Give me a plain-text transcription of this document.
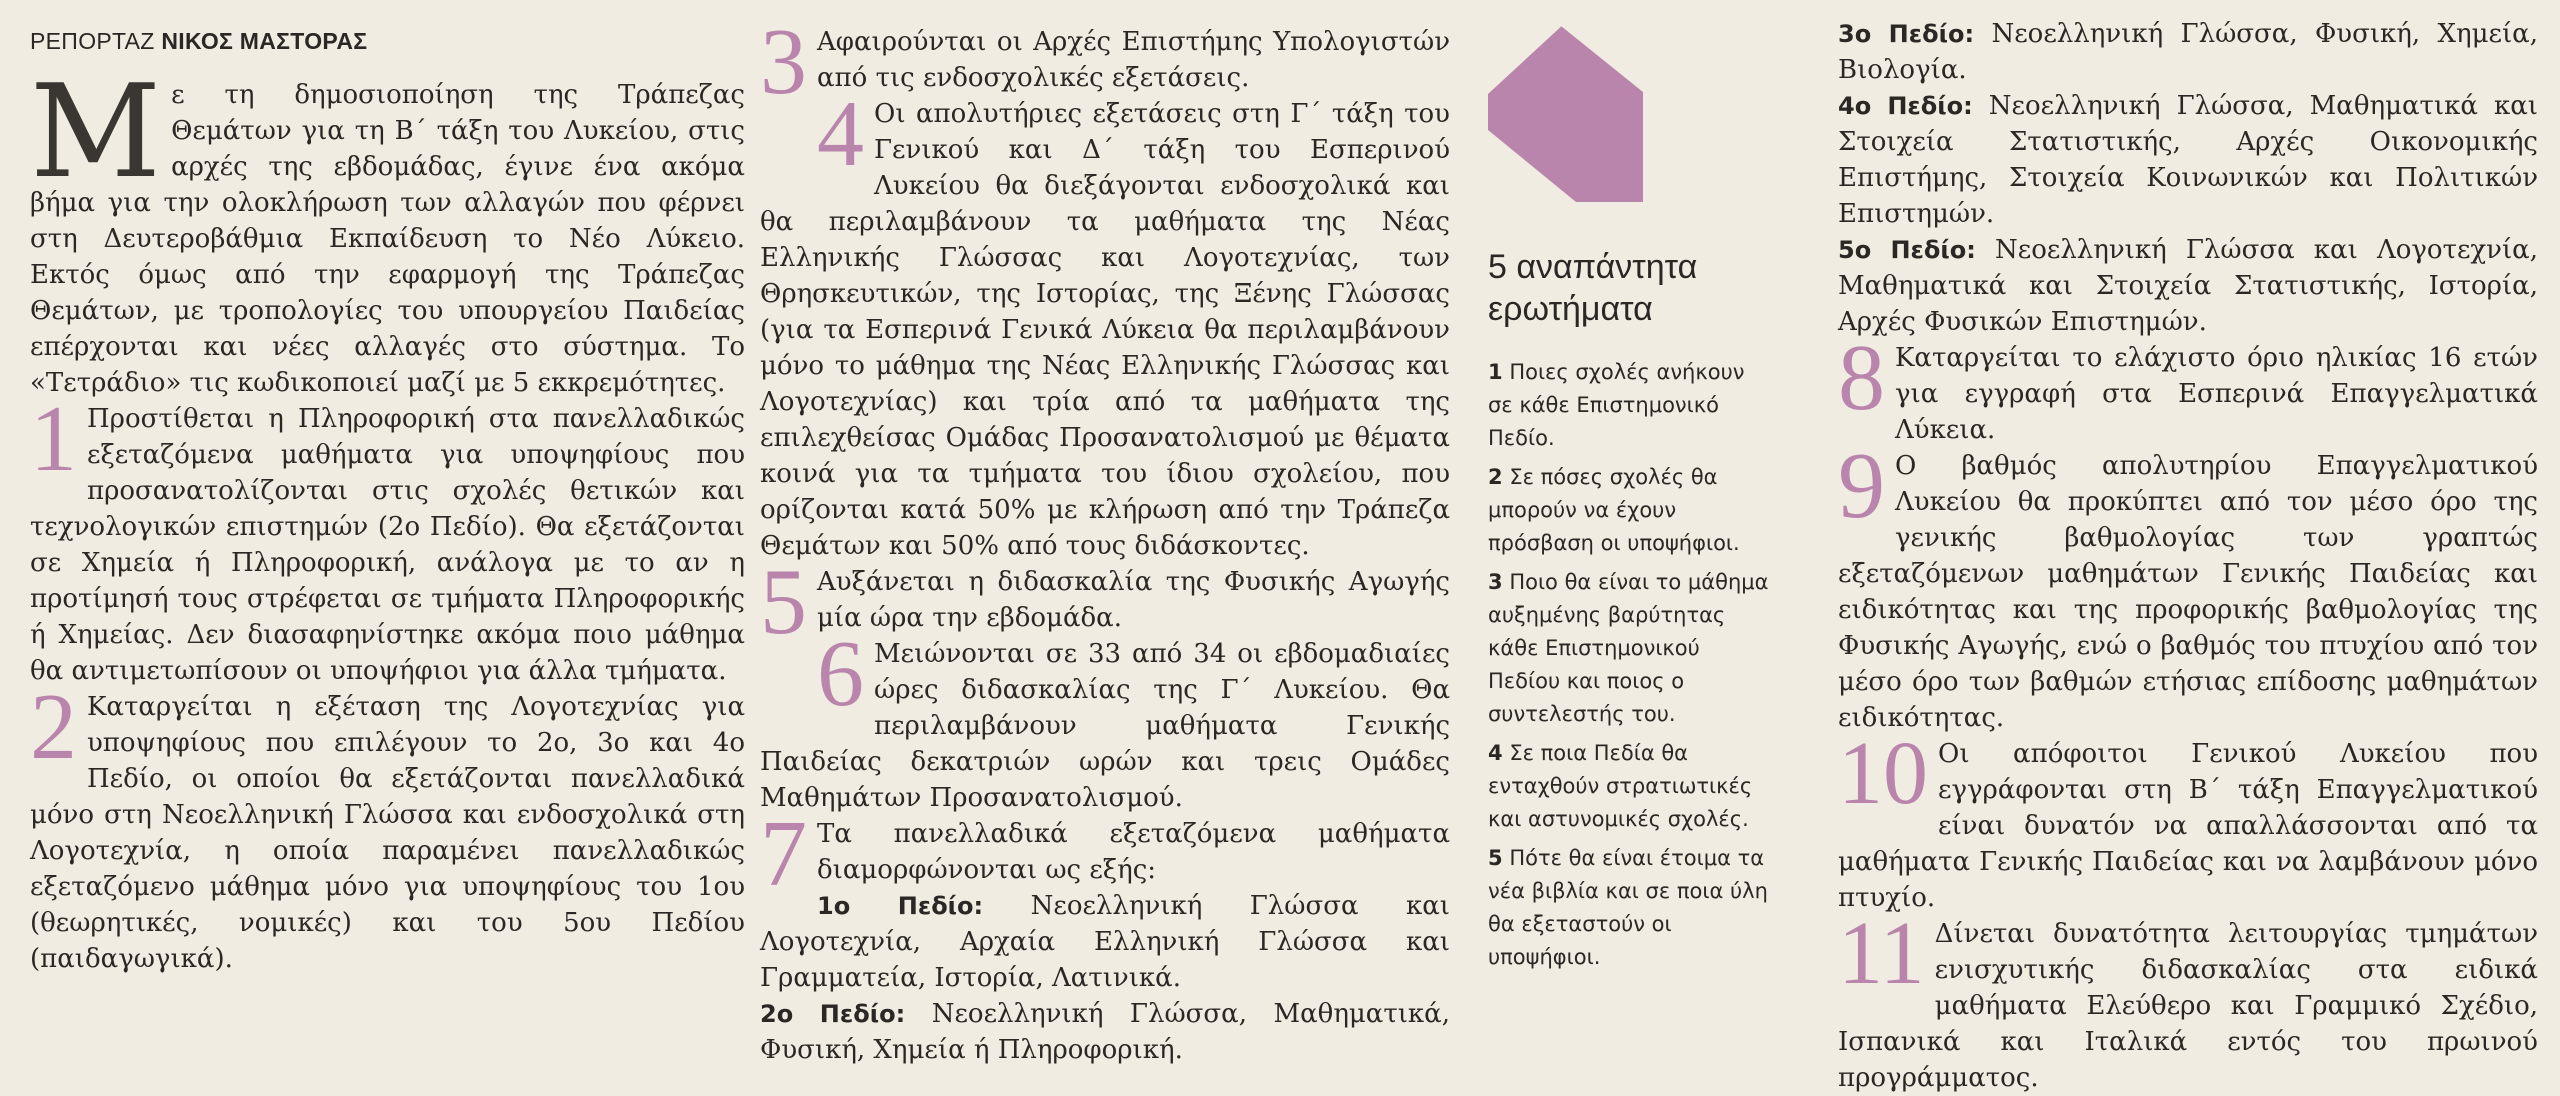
ΡΕΠΟΡΤΑΖ ΝΙΚΟΣ ΜΑΣΤΟΡΑΣ

Mε τη δημοσιοποίηση της Τράπεζας Θεμάτων για τη Β΄ τάξη του Λυκείου, στις αρχές της εβδομάδας, έγινε ένα ακόμα βήμα για την ολοκλήρωση των αλλαγών που φέρνει στη Δευτεροβάθμια Εκπαίδευση το Νέο Λύκειο. Εκτός όμως από την εφαρμογή της Τράπεζας Θεμάτων, με τροπολογίες του υπουργείου Παιδείας επέρχονται και νέες αλλαγές στο σύστημα. Το «Τετράδιο» τις κωδικοποιεί μαζί με 5 εκκρεμότητες.

1 Προστίθεται η Πληροφορική στα πανελλαδικώς εξεταζόμενα μαθήματα για υποψηφίους που προσανατολίζονται στις σχολές θετικών και τεχνολογικών επιστημών (2ο Πεδίο). Θα εξετάζονται σε Χημεία ή Πληροφορική, ανάλογα με το αν η προτίμησή τους στρέφεται σε τμήματα Πληροφορικής ή Χημείας. Δεν διασαφηνίστηκε ακόμα ποιο μάθημα θα αντιμετωπίσουν οι υποψήφιοι για άλλα τμήματα.
2 Καταργείται η εξέταση της Λογοτεχνίας για υποψηφίους που επιλέγουν το 2ο, 3ο και 4ο Πεδίο, οι οποίοι θα εξετάζονται πανελλαδικά μόνο στη Νεοελληνική Γλώσσα και ενδοσχολικά στη Λογοτεχνία, η οποία παραμένει πανελλαδικώς εξεταζόμενο μάθημα μόνο για υποψηφίους του 1ου (θεωρητικές, νομικές) και του 5ου Πεδίου (παιδαγωγικά).
3 Αφαιρούνται οι Αρχές Επιστήμης Υπολογιστών από τις ενδοσχολικές εξετάσεις.
4 Οι απολυτήριες εξετάσεις στη Γ΄ τάξη του Γενικού και Δ΄ τάξη του Εσπερινού Λυκείου θα διεξάγονται ενδοσχολικά και θα περιλαμβάνουν τα μαθήματα της Νέας Ελληνικής Γλώσσας και Λογοτεχνίας, των Θρησκευτικών, της Ιστορίας, της Ξένης Γλώσσας (για τα Εσπερινά Γενικά Λύκεια θα περιλαμβάνουν μόνο το μάθημα της Νέας Ελληνικής Γλώσσας και Λογοτεχνίας) και τρία από τα μαθήματα της επιλεχθείσας Ομάδας Προσανατολισμού με θέματα κοινά για τα τμήματα του ίδιου σχολείου, που ορίζονται κατά 50% με κλήρωση από την Τράπεζα Θεμάτων και 50% από τους διδάσκοντες.
5 Αυξάνεται η διδασκαλία της Φυσικής Αγωγής μία ώρα την εβδομάδα.
6 Μειώνονται σε 33 από 34 οι εβδομαδιαίες ώρες διδασκαλίας της Γ΄ Λυκείου. Θα περιλαμβάνουν μαθήματα Γενικής Παιδείας δεκατριών ωρών και τρεις Ομάδες Μαθημάτων Προσανατολισμού.
7 Τα πανελλαδικά εξεταζόμενα μαθήματα διαμορφώνονται ως εξής:

1ο Πεδίο: Νεοελληνική Γλώσσα και Λογοτεχνία, Αρχαία Ελληνική Γλώσσα και Γραμματεία, Ιστορία, Λατινικά.

2ο Πεδίο: Νεοελληνική Γλώσσα, Μαθηματικά, Φυσική, Χημεία ή Πληροφορική.

5 αναπάντητα
ερωτήματα

1 Ποιες σχολές ανήκουν σε κάθε Επιστημονικό Πεδίο.

2 Σε πόσες σχολές θα μπορούν να έχουν πρόσβαση οι υποψήφιοι.

3 Ποιο θα είναι το μάθημα αυξημένης βαρύτητας κάθε Επιστημονικού Πεδίου και ποιος ο συντελεστής του.

4 Σε ποια Πεδία θα ενταχθούν στρατιωτικές και αστυνομικές σχολές.

5 Πότε θα είναι έτοιμα τα νέα βιβλία και σε ποια ύλη θα εξεταστούν οι υποψήφιοι.

3ο Πεδίο: Νεοελληνική Γλώσσα, Φυσική, Χημεία, Βιολογία.

4ο Πεδίο: Νεοελληνική Γλώσσα, Μαθηματικά και Στοιχεία Στατιστικής, Αρχές Οικονομικής Επιστήμης, Στοιχεία Κοινωνικών και Πολιτικών Επιστημών.

5ο Πεδίο: Νεοελληνική Γλώσσα και Λογοτεχνία, Μαθηματικά και Στοιχεία Στατιστικής, Ιστορία, Αρχές Φυσικών Επιστημών.

8 Καταργείται το ελάχιστο όριο ηλικίας 16 ετών για εγγραφή στα Εσπερινά Επαγγελματικά Λύκεια.
9 Ο βαθμός απολυτηρίου Επαγγελματικού Λυκείου θα προκύπτει από τον μέσο όρο της γενικής βαθμολογίας των γραπτώς εξεταζόμενων μαθημάτων Γενικής Παιδείας και ειδικότητας και της προφορικής βαθμολογίας της Φυσικής Αγωγής, ενώ ο βαθμός του πτυχίου από τον μέσο όρο των βαθμών ετήσιας επίδοσης μαθημάτων ειδικότητας.
10 Οι απόφοιτοι Γενικού Λυκείου που εγγράφονται στη Β΄ τάξη Επαγγελματικού είναι δυνατόν να απαλλάσσονται από τα μαθήματα Γενικής Παιδείας και να λαμβάνουν μόνο πτυχίο.
11 Δίνεται δυνατότητα λειτουργίας τμημάτων ενισχυτικής διδασκαλίας στα ειδικά μαθήματα Ελεύθερο και Γραμμικό Σχέδιο, Ισπανικά και Ιταλικά εντός του πρωινού προγράμματος.
